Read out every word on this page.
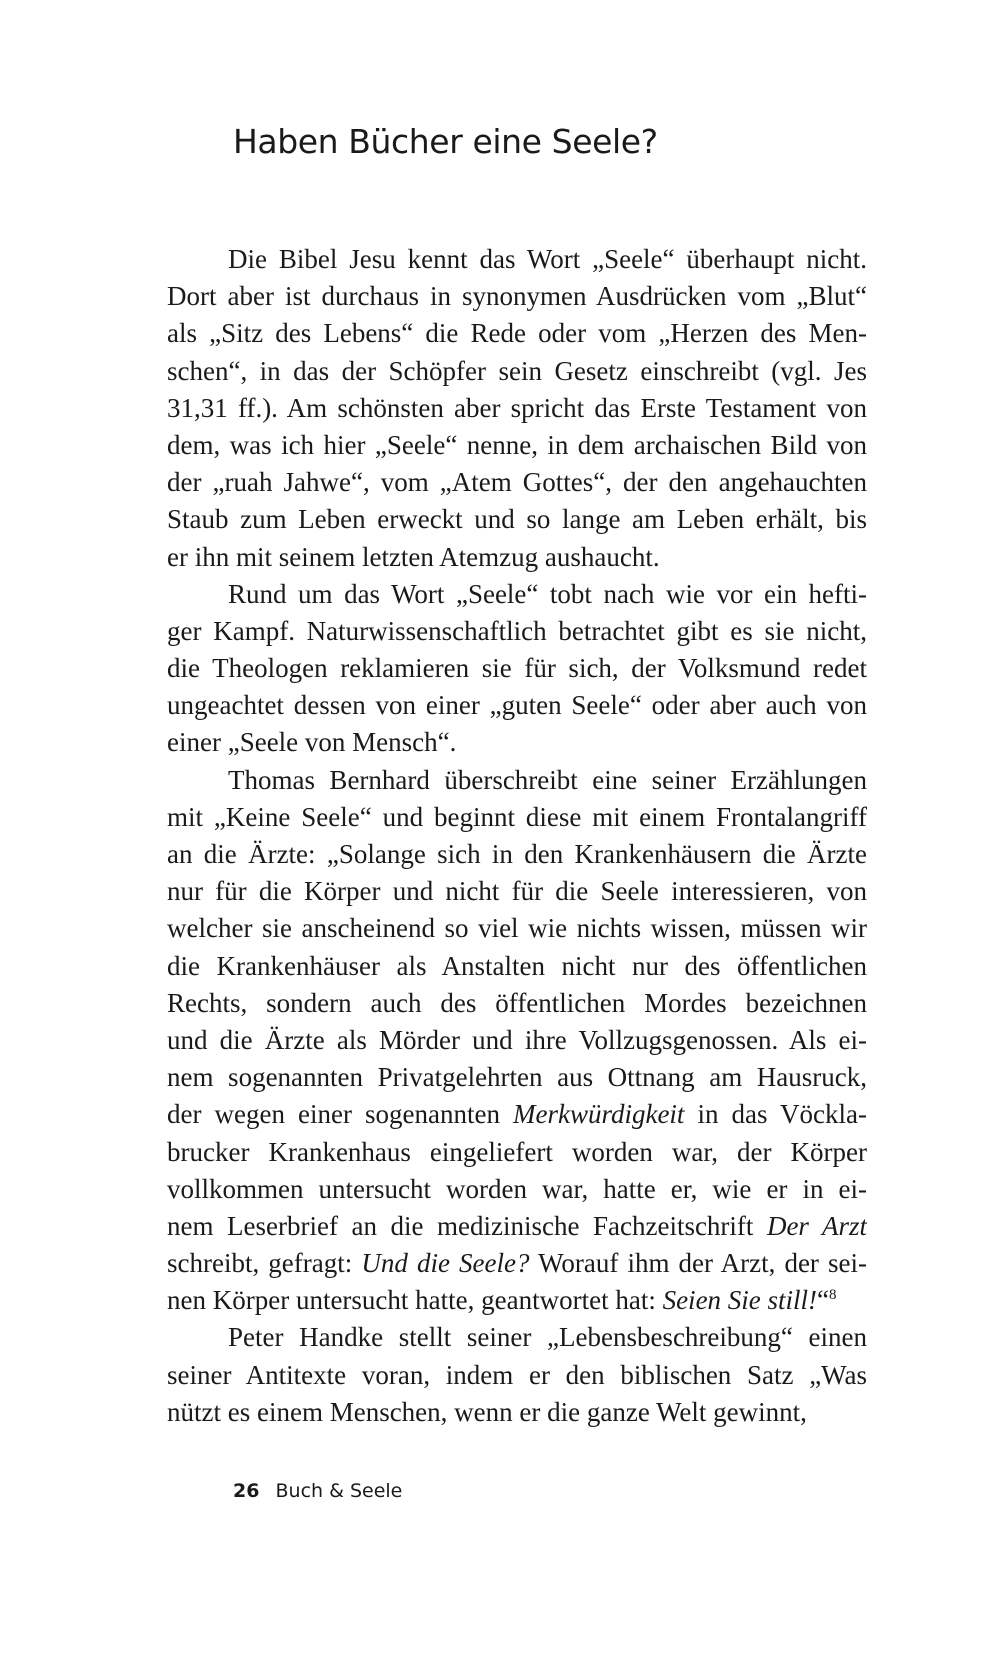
Haben Bücher eine Seele?
Die Bibel Jesu kennt das Wort „Seele“ überhaupt nicht.
Dort aber ist durchaus in synonymen Ausdrücken vom „Blut“
als „Sitz des Lebens“ die Rede oder vom „Herzen des Men-
schen“, in das der Schöpfer sein Gesetz einschreibt (vgl. Jes
31,31 ff.). Am schönsten aber spricht das Erste Testament von
dem, was ich hier „Seele“ nenne, in dem archaischen Bild von
der „ruah Jahwe“, vom „Atem Gottes“, der den angehauchten
Staub zum Leben erweckt und so lange am Leben erhält, bis
er ihn mit seinem letzten Atemzug aushaucht.
Rund um das Wort „Seele“ tobt nach wie vor ein hefti-
ger Kampf. Naturwissenschaftlich betrachtet gibt es sie nicht,
die Theologen reklamieren sie für sich, der Volksmund redet
ungeachtet dessen von einer „guten Seele“ oder aber auch von
einer „Seele von Mensch“.
Thomas Bernhard überschreibt eine seiner Erzählungen
mit „Keine Seele“ und beginnt diese mit einem Frontalangriff
an die Ärzte: „Solange sich in den Krankenhäusern die Ärzte
nur für die Körper und nicht für die Seele interessieren, von
welcher sie anscheinend so viel wie nichts wissen, müssen wir
die Krankenhäuser als Anstalten nicht nur des öffentlichen
Rechts, sondern auch des öffentlichen Mordes bezeichnen
und die Ärzte als Mörder und ihre Vollzugsgenossen. Als ei-
nem sogenannten Privatgelehrten aus Ottnang am Hausruck,
der wegen einer sogenannten Merkwürdigkeit in das Vöckla-
brucker Krankenhaus eingeliefert worden war, der Körper
vollkommen untersucht worden war, hatte er, wie er in ei-
nem Leserbrief an die medizinische Fachzeitschrift Der Arzt
schreibt, gefragt: Und die Seele? Worauf ihm der Arzt, der sei-
nen Körper untersucht hatte, geantwortet hat: Seien Sie still!“$^8$
Peter Handke stellt seiner „Lebensbeschreibung“ einen
seiner Antitexte voran, indem er den biblischen Satz „Was
nützt es einem Menschen, wenn er die ganze Welt gewinnt,
26 Buch & Seele
